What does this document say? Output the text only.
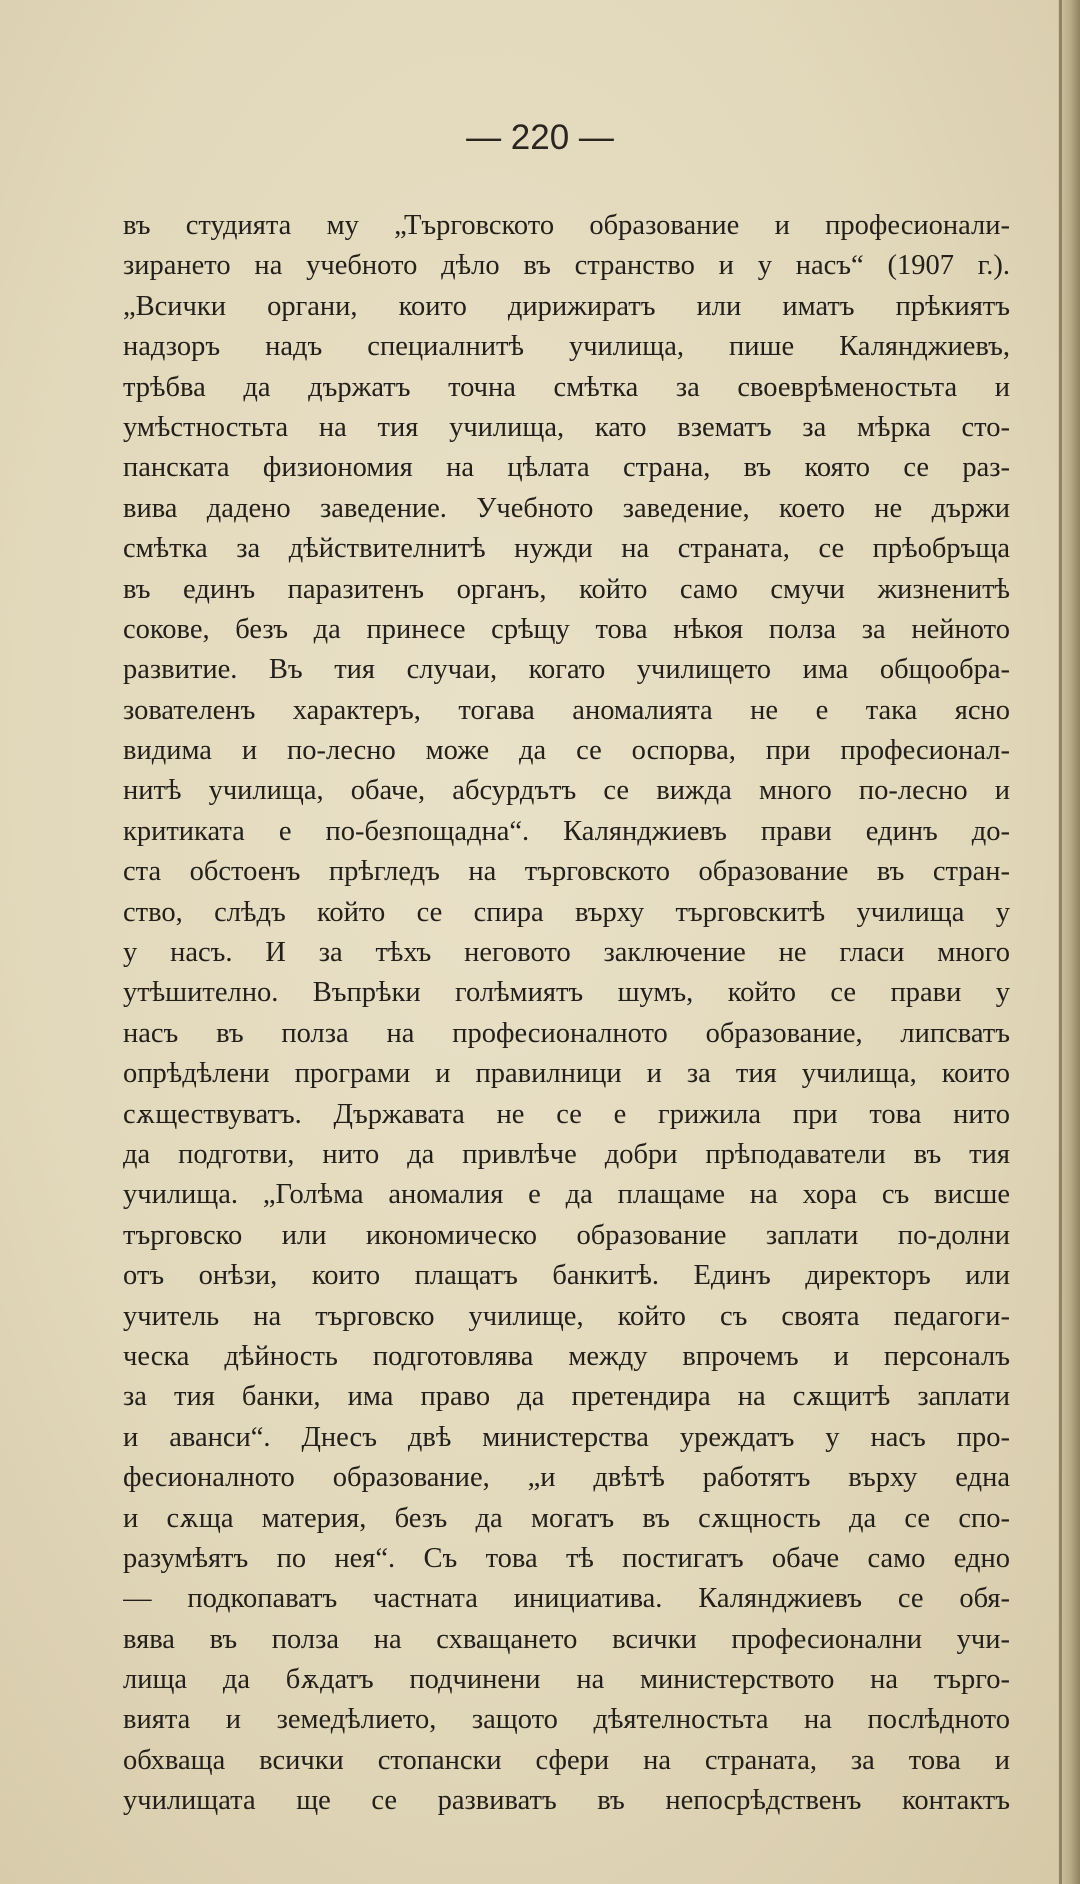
— 220 —
въ студията му „Търговското образование и професионали-
зирането на учебното дѣло въ странство и у насъ“ (1907 г.).
„Всички органи, които дирижиратъ или иматъ прѣкиятъ
надзоръ надъ специалнитѣ училища, пише Калянджиевъ,
трѣбва да държатъ точна смѣтка за своеврѣменостьта и
умѣстностьта на тия училища, като взематъ за мѣрка сто-
панската физиономия на цѣлата страна, въ която се раз-
вива дадено заведение. Учебното заведение, което не държи
смѣтка за дѣйствителнитѣ нужди на страната, се прѣобръща
въ единъ паразитенъ органъ, който само смучи жизненитѣ
сокове, безъ да принесе срѣщу това нѣкоя полза за нейното
развитие. Въ тия случаи, когато училището има общообра-
зователенъ характеръ, тогава аномалията не е така ясно
видима и по-лесно може да се оспорва, при професионал-
нитѣ училища, обаче, абсурдътъ се вижда много по-лесно и
критиката е по-безпощадна“. Калянджиевъ прави единъ до-
ста обстоенъ прѣгледъ на търговското образование въ стран-
ство, слѣдъ който се спира върху търговскитѣ училища у
у насъ. И за тѣхъ неговото заключение не гласи много
утѣшително. Въпрѣки голѣмиятъ шумъ, който се прави у
насъ въ полза на професионалното образование, липсватъ
опрѣдѣлени програми и правилници и за тия училища, които
сѫществуватъ. Държавата не се е грижила при това нито
да подготви, нито да привлѣче добри прѣподаватели въ тия
училища. „Голѣма аномалия е да плащаме на хора съ висше
търговско или икономическо образование заплати по-долни
отъ онѣзи, които плащатъ банкитѣ. Единъ директоръ или
учитель на търговско училище, който съ своята педагоги-
ческа дѣйность подготовлява между впрочемъ и персоналъ
за тия банки, има право да претендира на сѫщитѣ заплати
и аванси“. Днесъ двѣ министерства уреждатъ у насъ про-
фесионалното образование, „и двѣтѣ работятъ върху една
и сѫща материя, безъ да могатъ въ сѫщность да се спо-
разумѣятъ по нея“. Съ това тѣ постигатъ обаче само едно
— подкопаватъ частната инициатива. Калянджиевъ се обя-
вява въ полза на схващането всички професионални учи-
лища да бѫдатъ подчинени на министерството на търго-
вията и земедѣлието, защото дѣятелностьта на послѣдното
обхваща всички стопански сфери на страната, за това и
училищата ще се развиватъ въ непосрѣдственъ контактъ
